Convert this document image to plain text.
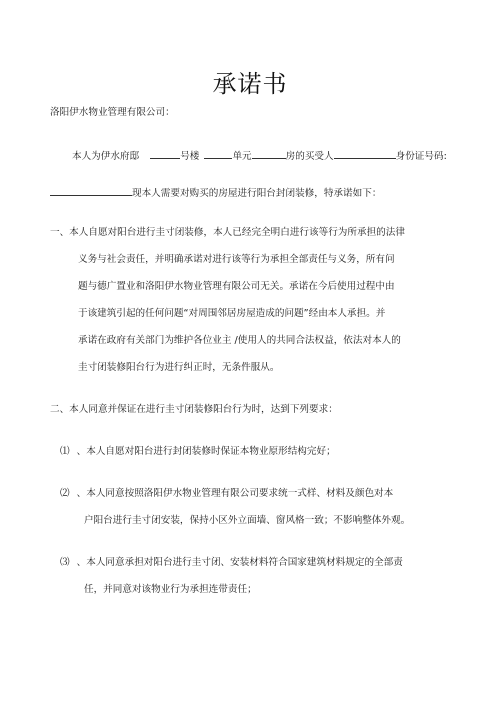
承诺书
洛阳伊水物业管理有限公司：
本人为伊水府邸	号楼	单元	房的买受人	身份证号码:
现本人需要对购买的房屋进行阳台封闭装修，特承诺如下：
一、本人自愿对阳台进行圭寸闭装修，本人已经完全明白进行该等行为所承担的法律
义务与社会责任，并明确承诺对进行该等行为承担全部责任与义务，所有问
题与德广置业和洛阳伊水物业管理有限公司无关。承诺在今后使用过程中由
于该建筑引起的任何问题“对周围邻居房屋造成的问题”经由本人承担。并
承诺在政府有关部门为维护各位业主 /使用人的共同合法权益，依法对本人的
圭寸闭装修阳台行为进行纠正时，无条件服从。
二、本人同意并保证在进行圭寸闭装修阳台行为时，达到下列要求：
⑴ 、本人自愿对阳台进行封闭装修时保证本物业原形结构完好；
⑵ 、本人同意按照洛阳伊水物业管理有限公司要求统一式样、材料及颜色对本
户阳台进行圭寸闭安装，保持小区外立面墙、窗风格一致；不影响整体外观。
⑶ 、本人同意承担对阳台进行圭寸闭、安装材料符合国家建筑材料规定的全部责
任，并同意对该物业行为承担连带责任；
